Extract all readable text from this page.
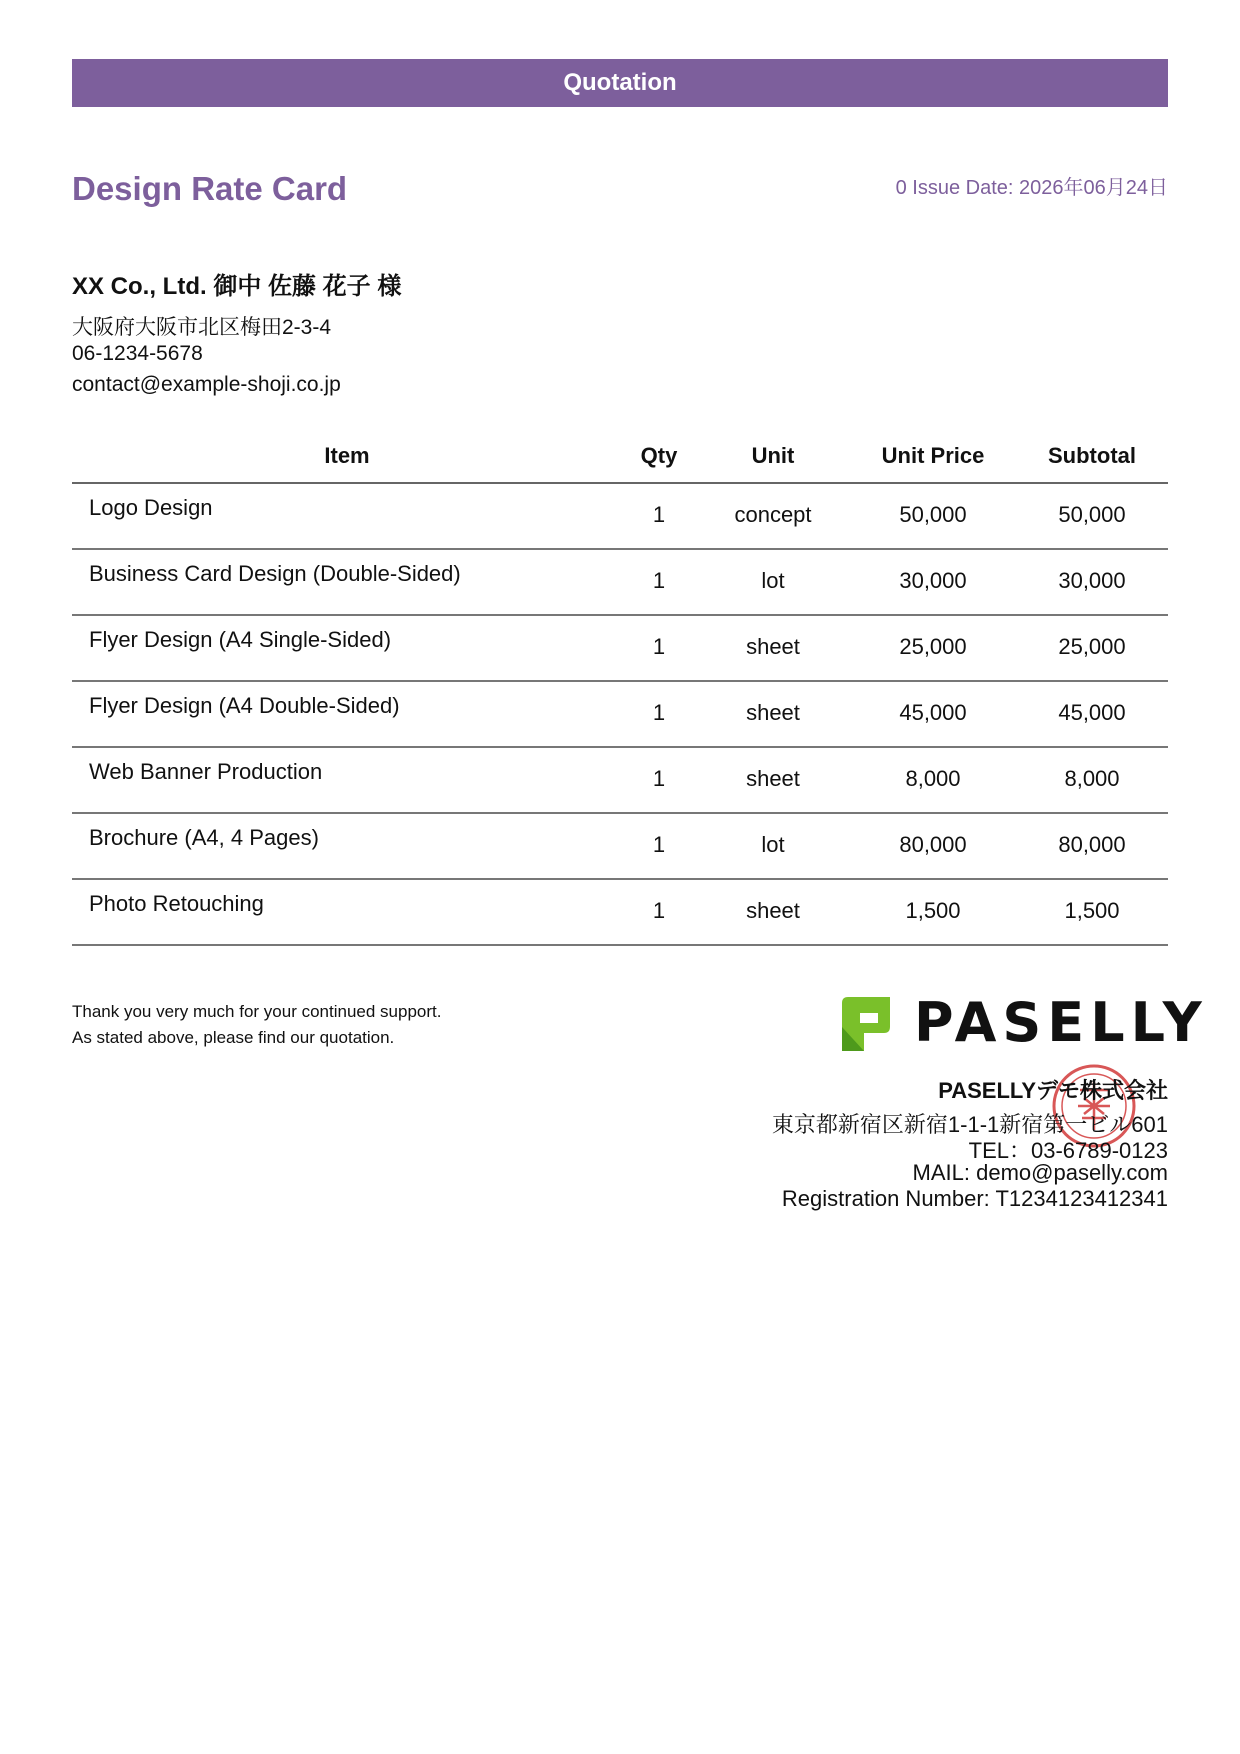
Quotation
Design Rate Card	0 Issue Date: 2026年06月24日
XX Co., Ltd. 御中 佐藤 花子 様
大阪府大阪市北区梅田2-3-4
06-1234-5678
contact@example-shoji.co.jp
Item	Qty	Unit	Unit Price	Subtotal
Logo Design	1	concept	50,000	50,000
Business Card Design (Double-Sided)	1	lot	30,000	30,000
Flyer Design (A4 Single-Sided)	1	sheet	25,000	25,000
Flyer Design (A4 Double-Sided)	1	sheet	45,000	45,000
Web Banner Production	1	sheet	8,000	8,000
Brochure (A4, 4 Pages)	1	lot	80,000	80,000
Photo Retouching	1	sheet	1,500	1,500
Thank you very much for your continued support.
As stated above, please find our quotation.	PASELLY
PASELLYデモ株式会社
東京都新宿区新宿1-1-1新宿第一ビル601
TEL：03-6789-0123
MAIL: demo@paselly.com
Registration Number: T1234123412341
